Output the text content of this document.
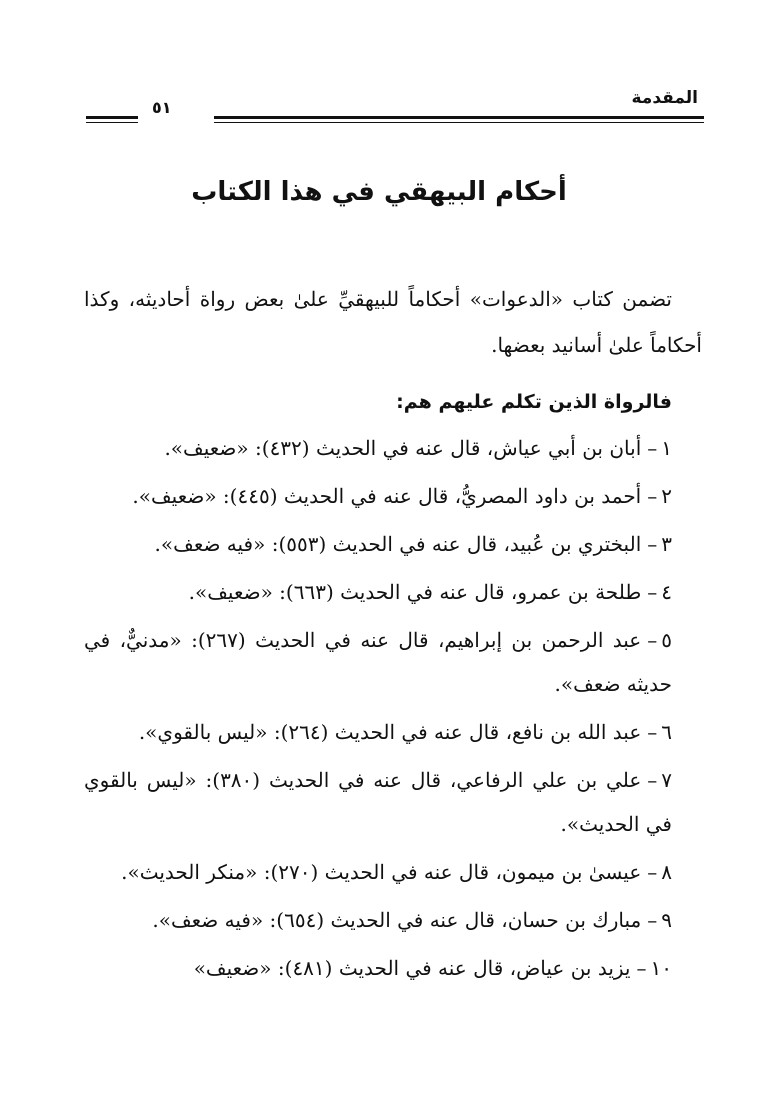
المقدمة
٥١
أحكام البيهقي في هذا الكتاب

تضمن كتاب «الدعوات» أحكاماً للبيهقيِّ علىٰ بعض رواة أحاديثه، وكذا أحكاماً علىٰ أسانيد بعضها.

فالرواة الذين تكلم عليهم هم:

١–أبان بن أبي عياش، قال عنه في الحديث (٤٣٢): «ضعيف».
٢–أحمد بن داود المصريُّ، قال عنه في الحديث (٤٤٥): «ضعيف».
٣–البختري بن عُبيد، قال عنه في الحديث (٥٥٣): «فيه ضعف».
٤–طلحة بن عمرو، قال عنه في الحديث (٦٦٣): «ضعيف».
٥–عبد الرحمن بن إبراهيم، قال عنه في الحديث (٢٦٧): «مدنيٌّ، في حديثه ضعف».
٦–عبد الله بن نافع، قال عنه في الحديث (٢٦٤): «ليس بالقوي».
٧–علي بن علي الرفاعي، قال عنه في الحديث (٣٨٠): «ليس بالقوي في الحديث».
٨–عيسىٰ بن ميمون، قال عنه في الحديث (٢٧٠): «منكر الحديث».
٩–مبارك بن حسان، قال عنه في الحديث (٦٥٤): «فيه ضعف».
١٠–يزيد بن عياض، قال عنه في الحديث (٤٨١): «ضعيف»
